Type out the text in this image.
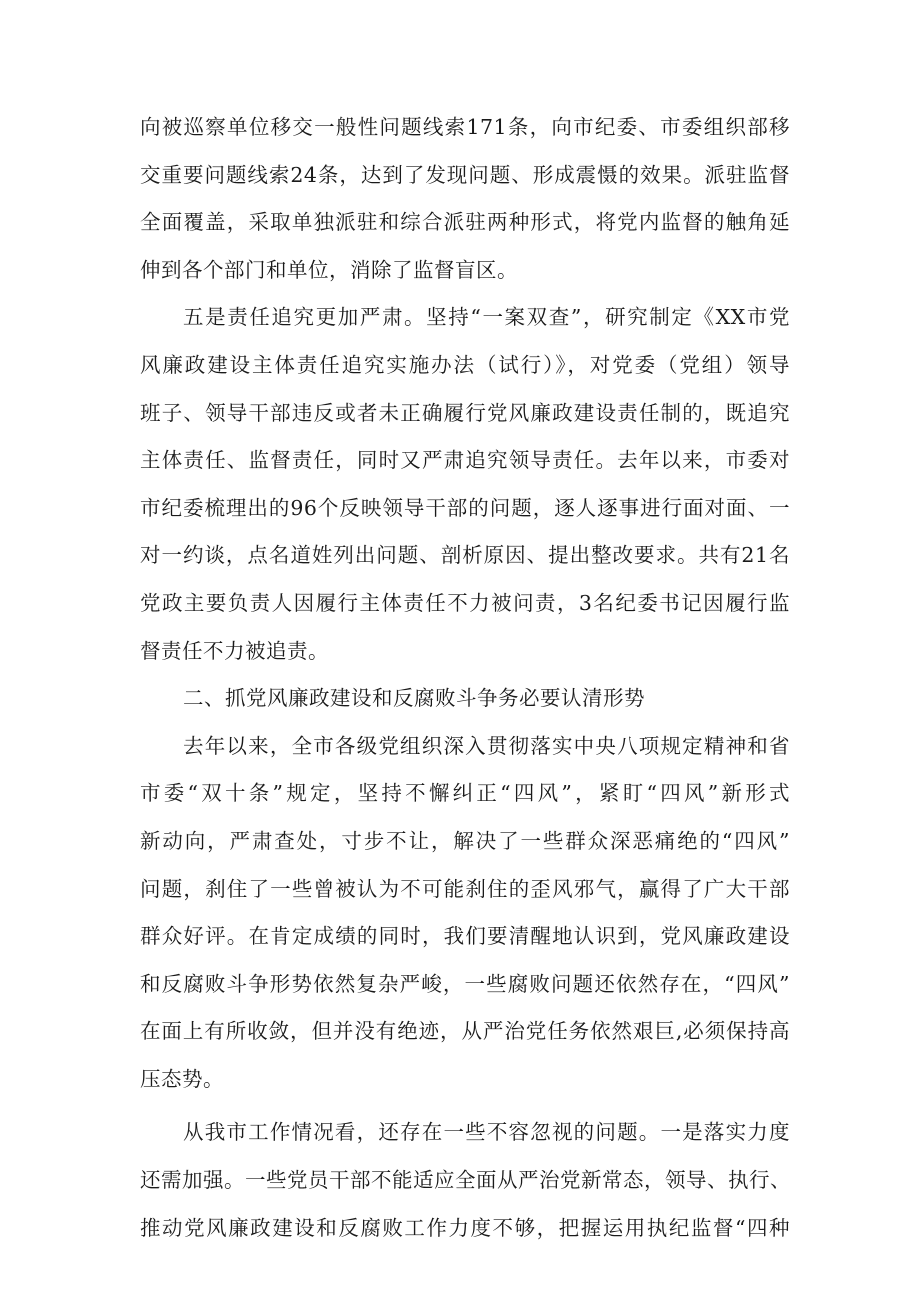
向被巡察单位移交一般性问题线索171条，向市纪委、市委组织部移
交重要问题线索24条，达到了发现问题、形成震慑的效果。派驻监督
全面覆盖，采取单独派驻和综合派驻两种形式，将党内监督的触角延
伸到各个部门和单位，消除了监督盲区。
五是责任追究更加严肃。坚持“一案双查”，研究制定《XX市党
风廉政建设主体责任追究实施办法（试行）》，对党委（党组）领导
班子、领导干部违反或者未正确履行党风廉政建设责任制的，既追究
主体责任、监督责任，同时又严肃追究领导责任。去年以来，市委对
市纪委梳理出的96个反映领导干部的问题，逐人逐事进行面对面、一
对一约谈，点名道姓列出问题、剖析原因、提出整改要求。共有21名
党政主要负责人因履行主体责任不力被问责，3名纪委书记因履行监
督责任不力被追责。
二、抓党风廉政建设和反腐败斗争务必要认清形势
去年以来，全市各级党组织深入贯彻落实中央八项规定精神和省
市委“双十条”规定，坚持不懈纠正“四风”，紧盯“四风”新形式
新动向，严肃查处，寸步不让，解决了一些群众深恶痛绝的“四风”
问题，刹住了一些曾被认为不可能刹住的歪风邪气，赢得了广大干部
群众好评。在肯定成绩的同时，我们要清醒地认识到，党风廉政建设
和反腐败斗争形势依然复杂严峻，一些腐败问题还依然存在，“四风”
在面上有所收敛，但并没有绝迹，从严治党任务依然艰巨,必须保持高
压态势。
从我市工作情况看，还存在一些不容忽视的问题。一是落实力度
还需加强。一些党员干部不能适应全面从严治党新常态，领导、执行、
推动党风廉政建设和反腐败工作力度不够，把握运用执纪监督“四种
